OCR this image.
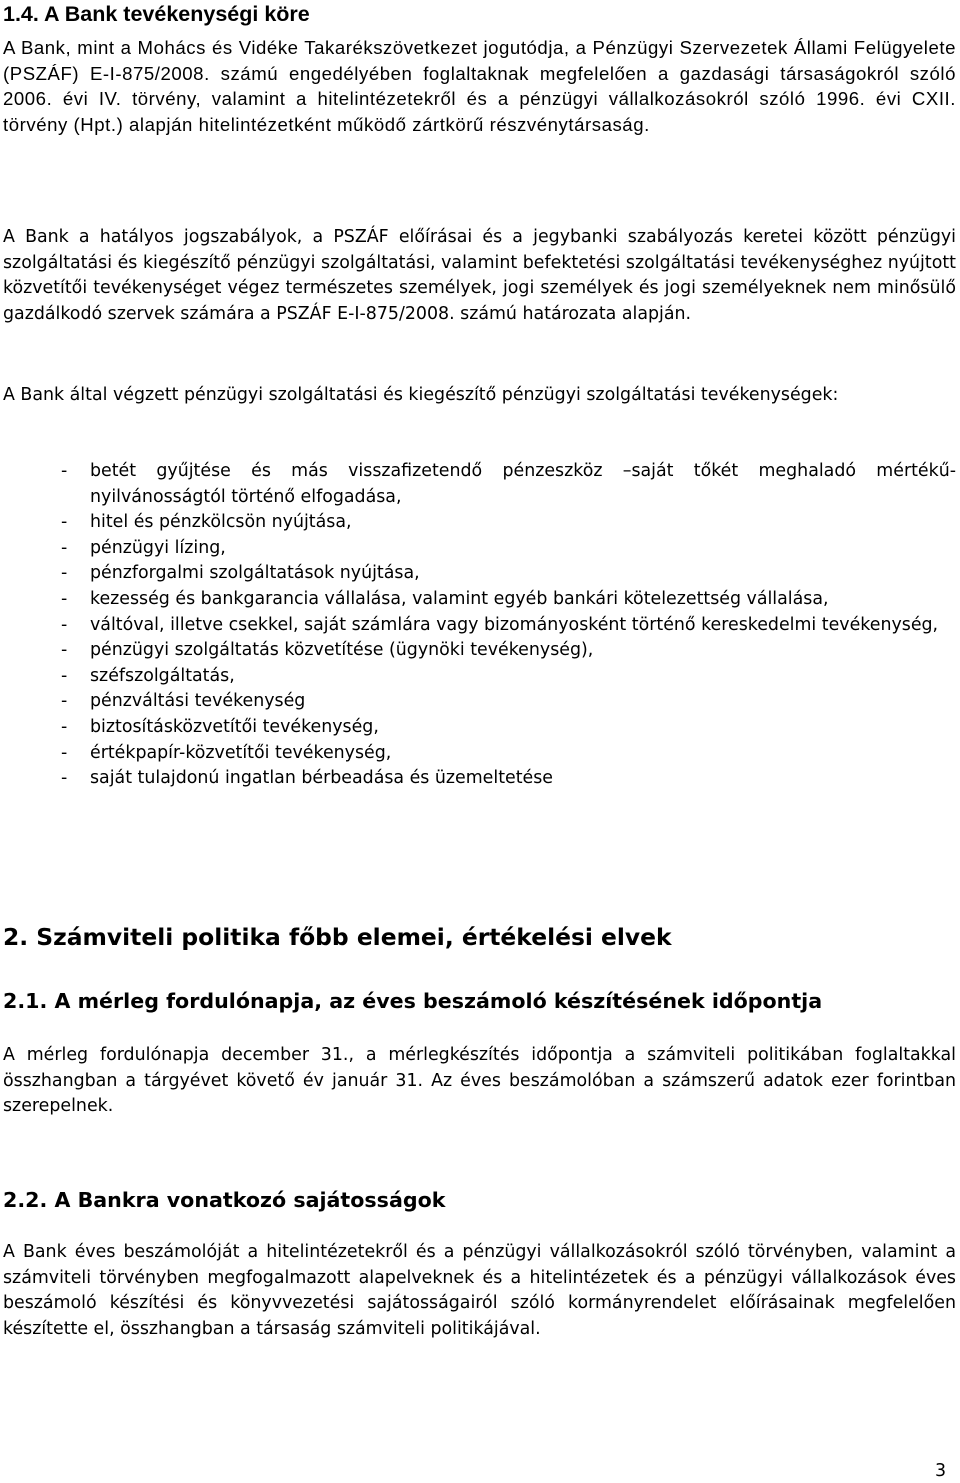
1.4. A Bank tevékenységi köre

A Bank, mint a Mohács és Vidéke Takarékszövetkezet jogutódja, a Pénzügyi Szervezetek Állami Felügyelete (PSZÁF) E-I-875/2008. számú engedélyében foglaltaknak megfelelően a gazdasági társaságokról szóló 2006. évi IV. törvény, valamint a hitelintézetekről és a pénzügyi vállalkozásokról szóló 1996. évi CXII. törvény (Hpt.) alapján hitelintézetként működő zártkörű részvénytársaság.

A Bank a hatályos jogszabályok, a PSZÁF előírásai és a jegybanki szabályozás keretei között pénzügyi szolgáltatási és kiegészítő pénzügyi szolgáltatási, valamint befektetési szolgáltatási tevékenységhez nyújtott közvetítői tevékenységet végez természetes személyek, jogi személyek és jogi személyeknek nem minősülő gazdálkodó szervek számára a PSZÁF E-I-875/2008. számú határozata alapján.

A Bank által végzett pénzügyi szolgáltatási és kiegészítő pénzügyi szolgáltatási tevékenységek:

-	betét gyűjtése és más visszafizetendő pénzeszköz –saját tőkét meghaladó mértékű- nyilvánosságtól történő elfogadása,
-	hitel és pénzkölcsön nyújtása,
-	pénzügyi lízing,
-	pénzforgalmi szolgáltatások nyújtása,
-	kezesség és bankgarancia vállalása, valamint egyéb bankári kötelezettség vállalása,
-	váltóval, illetve csekkel, saját számlára vagy bizományosként történő kereskedelmi tevékenység,
-	pénzügyi szolgáltatás közvetítése (ügynöki tevékenység),
-	széfszolgáltatás,
-	pénzváltási tevékenység
-	biztosításközvetítői tevékenység,
-	értékpapír-közvetítői tevékenység,
-	saját tulajdonú ingatlan bérbeadása és üzemeltetése
2. Számviteli politika főbb elemei, értékelési elvek
2.1. A mérleg fordulónapja, az éves beszámoló készítésének időpontja

A mérleg fordulónapja december 31., a mérlegkészítés időpontja a számviteli politikában foglaltakkal összhangban a tárgyévet követő év január 31. Az éves beszámolóban a számszerű adatok ezer forintban szerepelnek.

2.2. A Bankra vonatkozó sajátosságok

A Bank éves beszámolóját a hitelintézetekről és a pénzügyi vállalkozásokról szóló törvényben, valamint a számviteli törvényben megfogalmazott alapelveknek és a hitelintézetek és a pénzügyi vállalkozások éves beszámoló készítési és könyvvezetési sajátosságairól szóló kormányrendelet előírásainak megfelelően készítette el, összhangban a társaság számviteli politikájával.

3
